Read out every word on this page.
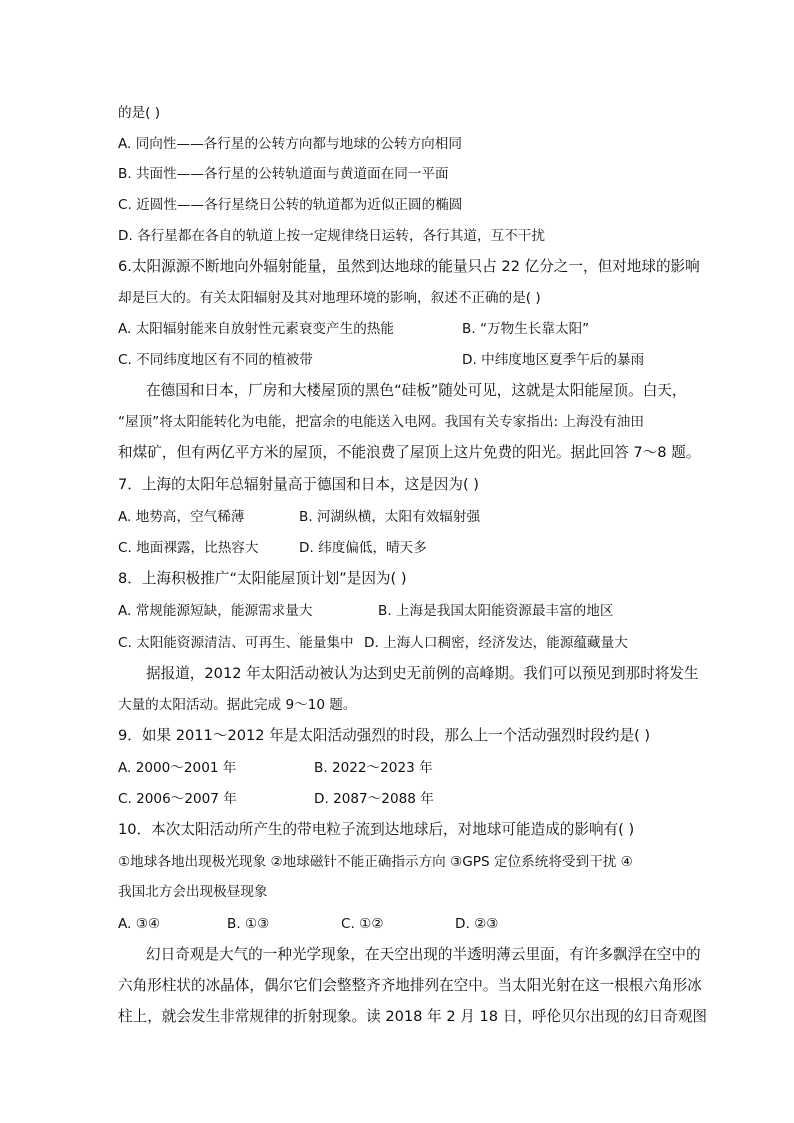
的是( )
A. 同向性——各行星的公转方向都与地球的公转方向相同
B. 共面性——各行星的公转轨道面与黄道面在同一平面
C. 近圆性——各行星绕日公转的轨道都为近似正圆的椭圆
D. 各行星都在各自的轨道上按一定规律绕日运转，各行其道，互不干扰
6.太阳源源不断地向外辐射能量，虽然到达地球的能量只占 22 亿分之一，但对地球的影响
却是巨大的。有关太阳辐射及其对地理环境的影响，叙述不正确的是( )
A. 太阳辐射能来自放射性元素衰变产生的热能	B. “万物生长靠太阳”
C. 不同纬度地区有不同的植被带	D. 中纬度地区夏季午后的暴雨
在德国和日本，厂房和大楼屋顶的黑色“硅板”随处可见，这就是太阳能屋顶。白天，
“屋顶”将太阳能转化为电能，把富余的电能送入电网。我国有关专家指出: 上海没有油田
和煤矿，但有两亿平方米的屋顶，不能浪费了屋顶上这片免费的阳光。据此回答 7～8 题。
7．上海的太阳年总辐射量高于德国和日本，这是因为( )
A. 地势高，空气稀薄	B. 河湖纵横，太阳有效辐射强
C. 地面裸露，比热容大	D. 纬度偏低，晴天多
8．上海积极推广“太阳能屋顶计划”是因为( )
A. 常规能源短缺，能源需求量大	B. 上海是我国太阳能资源最丰富的地区
C. 太阳能资源清洁、可再生、能量集中 D. 上海人口稠密，经济发达，能源蕴藏量大
据报道，2012 年太阳活动被认为达到史无前例的高峰期。我们可以预见到那时将发生
大量的太阳活动。据此完成 9～10 题。
9．如果 2011～2012 年是太阳活动强烈的时段，那么上一个活动强烈时段约是( )
A. 2000～2001 年	B. 2022～2023 年
C. 2006～2007 年	D. 2087～2088 年
10．本次太阳活动所产生的带电粒子流到达地球后，对地球可能造成的影响有( )
①地球各地出现极光现象 ②地球磁针不能正确指示方向 ③GPS 定位系统将受到干扰 ④
我国北方会出现极昼现象
A. ③④	B. ①③	C. ①②	D. ②③
幻日奇观是大气的一种光学现象，在天空出现的半透明薄云里面，有许多飘浮在空中的
六角形柱状的冰晶体，偶尔它们会整整齐齐地排列在空中。当太阳光射在这一根根六角形冰
柱上，就会发生非常规律的折射现象。读 2018 年 2 月 18 日，呼伦贝尔出现的幻日奇观图
